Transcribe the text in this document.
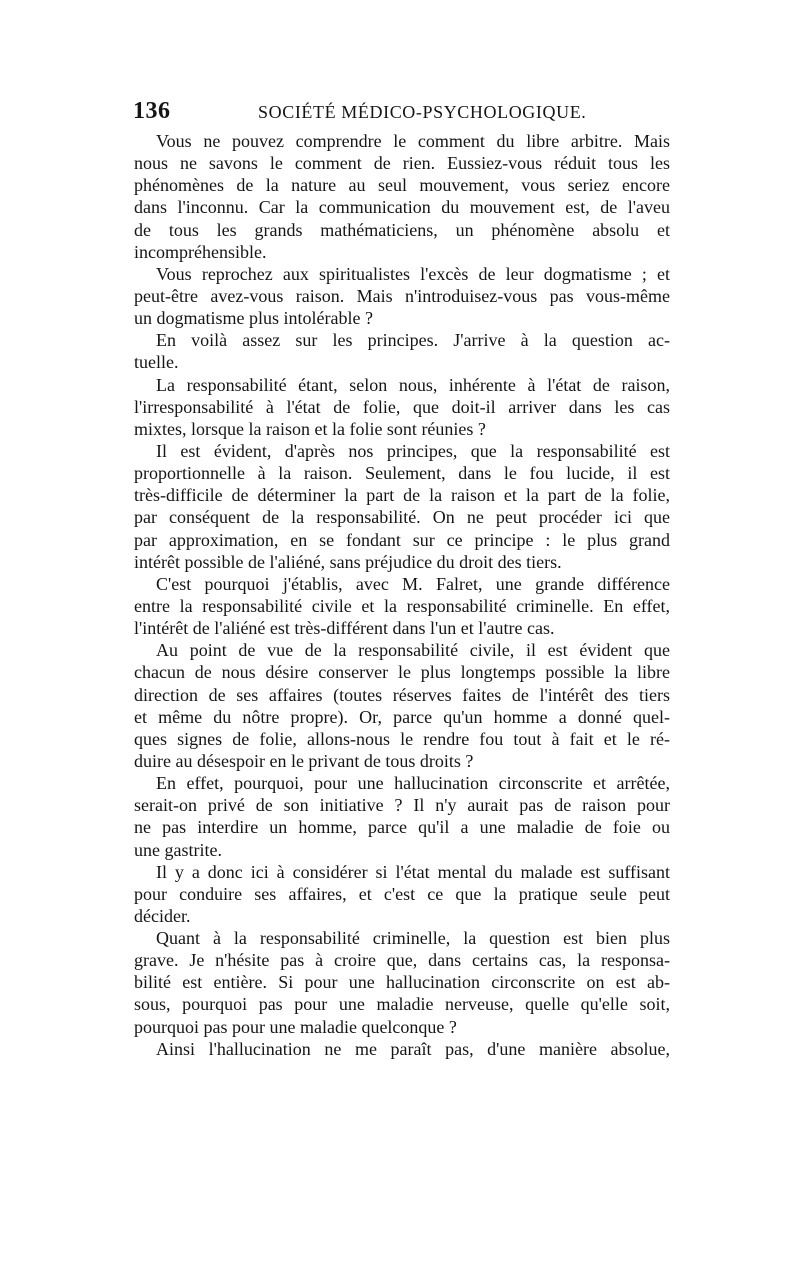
136	SOCIÉTÉ MÉDICO-PSYCHOLOGIQUE.
Vous ne pouvez comprendre le comment du libre arbitre. Mais
nous ne savons le comment de rien. Eussiez-vous réduit tous les
phénomènes de la nature au seul mouvement, vous seriez encore
dans l'inconnu. Car la communication du mouvement est, de l'aveu
de tous les grands mathématiciens, un phénomène absolu et
incompréhensible.
Vous reprochez aux spiritualistes l'excès de leur dogmatisme ; et
peut-être avez-vous raison. Mais n'introduisez-vous pas vous-même
un dogmatisme plus intolérable ?
En voilà assez sur les principes. J'arrive à la question ac-
tuelle.
La responsabilité étant, selon nous, inhérente à l'état de raison,
l'irresponsabilité à l'état de folie, que doit-il arriver dans les cas
mixtes, lorsque la raison et la folie sont réunies ?
Il est évident, d'après nos principes, que la responsabilité est
proportionnelle à la raison. Seulement, dans le fou lucide, il est
très-difficile de déterminer la part de la raison et la part de la folie,
par conséquent de la responsabilité. On ne peut procéder ici que
par approximation, en se fondant sur ce principe : le plus grand
intérêt possible de l'aliéné, sans préjudice du droit des tiers.
C'est pourquoi j'établis, avec M. Falret, une grande différence
entre la responsabilité civile et la responsabilité criminelle. En effet,
l'intérêt de l'aliéné est très-différent dans l'un et l'autre cas.
Au point de vue de la responsabilité civile, il est évident que
chacun de nous désire conserver le plus longtemps possible la libre
direction de ses affaires (toutes réserves faites de l'intérêt des tiers
et même du nôtre propre). Or, parce qu'un homme a donné quel-
ques signes de folie, allons-nous le rendre fou tout à fait et le ré-
duire au désespoir en le privant de tous droits ?
En effet, pourquoi, pour une hallucination circonscrite et arrêtée,
serait-on privé de son initiative ? Il n'y aurait pas de raison pour
ne pas interdire un homme, parce qu'il a une maladie de foie ou
une gastrite.
Il y a donc ici à considérer si l'état mental du malade est suffisant
pour conduire ses affaires, et c'est ce que la pratique seule peut
décider.
Quant à la responsabilité criminelle, la question est bien plus
grave. Je n'hésite pas à croire que, dans certains cas, la responsa-
bilité est entière. Si pour une hallucination circonscrite on est ab-
sous, pourquoi pas pour une maladie nerveuse, quelle qu'elle soit,
pourquoi pas pour une maladie quelconque ?
Ainsi l'hallucination ne me paraît pas, d'une manière absolue,
